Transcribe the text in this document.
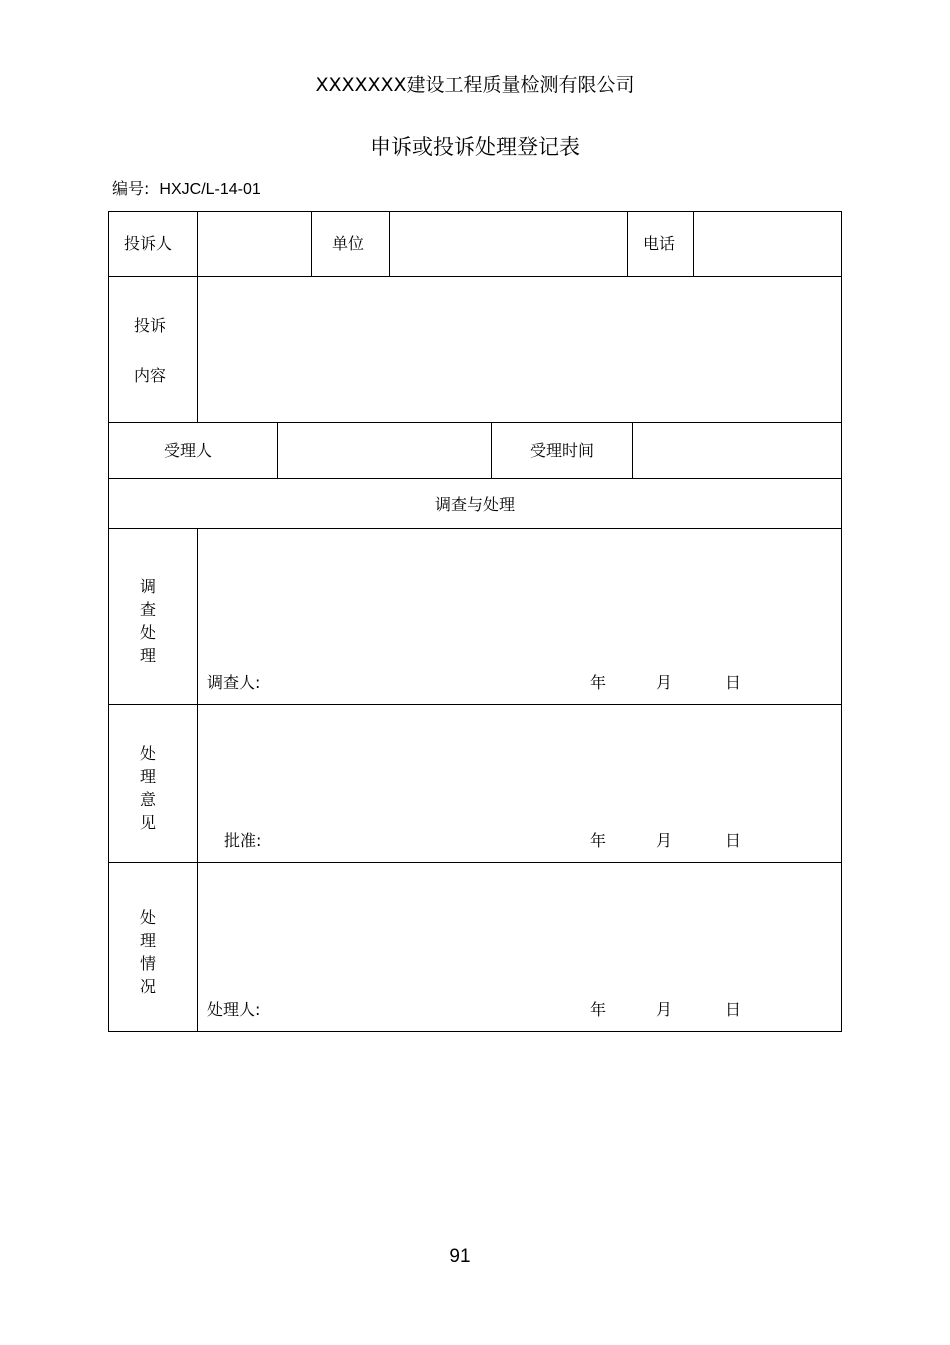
XXXXXXX建设工程质量检测有限公司
申诉或投诉处理登记表
编号: HXJC/L-14-01
投诉人	单位	电话
投诉
内容
受理人	受理时间
调查与处理
调
查
处
理
调查人:	年	月	日
处
理
意
见
批准:	年	月	日
处
理
情
况
处理人:	年	月	日
91
